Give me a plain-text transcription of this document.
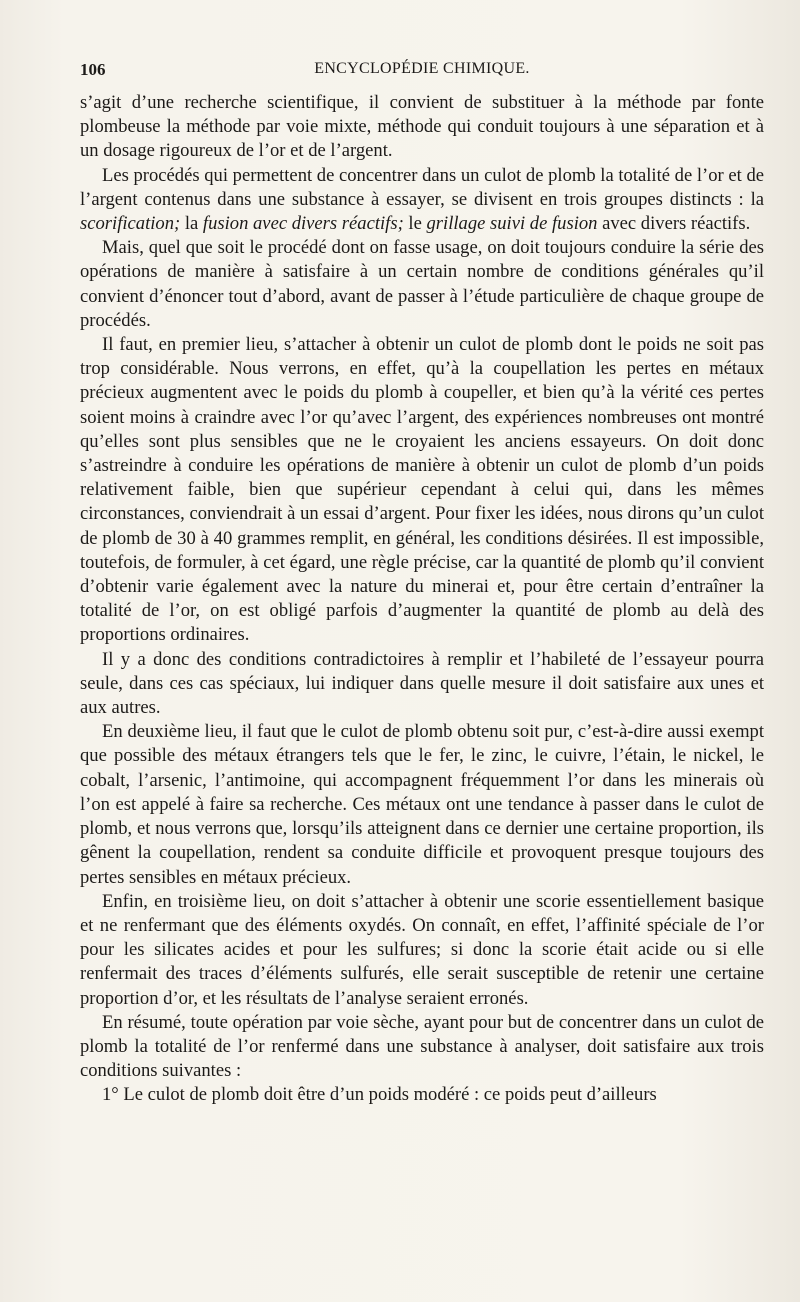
106	ENCYCLOPÉDIE CHIMIQUE.

s’agit d’une recherche scientifique, il convient de substituer à la méthode par fonte plombeuse la méthode par voie mixte, méthode qui conduit toujours à une séparation et à un dosage rigoureux de l’or et de l’argent.

Les procédés qui permettent de concentrer dans un culot de plomb la totalité de l’or et de l’argent contenus dans une substance à essayer, se divisent en trois groupes distincts : la scorification; la fusion avec divers réactifs; le grillage suivi de fusion avec divers réactifs.

Mais, quel que soit le procédé dont on fasse usage, on doit toujours conduire la série des opérations de manière à satisfaire à un certain nombre de conditions générales qu’il convient d’énoncer tout d’abord, avant de passer à l’étude particulière de chaque groupe de procédés.

Il faut, en premier lieu, s’attacher à obtenir un culot de plomb dont le poids ne soit pas trop considérable. Nous verrons, en effet, qu’à la coupellation les pertes en métaux précieux augmentent avec le poids du plomb à coupeller, et bien qu’à la vérité ces pertes soient moins à craindre avec l’or qu’avec l’argent, des expériences nombreuses ont montré qu’elles sont plus sensibles que ne le croyaient les anciens essayeurs. On doit donc s’astreindre à conduire les opérations de manière à obtenir un culot de plomb d’un poids relativement faible, bien que supérieur cependant à celui qui, dans les mêmes circonstances, conviendrait à un essai d’argent. Pour fixer les idées, nous dirons qu’un culot de plomb de 30 à 40 grammes remplit, en général, les conditions désirées. Il est impossible, toutefois, de formuler, à cet égard, une règle précise, car la quantité de plomb qu’il convient d’obtenir varie également avec la nature du minerai et, pour être certain d’entraîner la totalité de l’or, on est obligé parfois d’augmenter la quantité de plomb au delà des proportions ordinaires.

Il y a donc des conditions contradictoires à remplir et l’habileté de l’essayeur pourra seule, dans ces cas spéciaux, lui indiquer dans quelle mesure il doit satisfaire aux unes et aux autres.

En deuxième lieu, il faut que le culot de plomb obtenu soit pur, c’est-à-dire aussi exempt que possible des métaux étrangers tels que le fer, le zinc, le cuivre, l’étain, le nickel, le cobalt, l’arsenic, l’antimoine, qui accompagnent fréquemment l’or dans les minerais où l’on est appelé à faire sa recherche. Ces métaux ont une tendance à passer dans le culot de plomb, et nous verrons que, lorsqu’ils atteignent dans ce dernier une certaine proportion, ils gênent la coupellation, rendent sa conduite difficile et provoquent presque toujours des pertes sensibles en métaux précieux.

Enfin, en troisième lieu, on doit s’attacher à obtenir une scorie essentiellement basique et ne renfermant que des éléments oxydés. On connaît, en effet, l’affinité spéciale de l’or pour les silicates acides et pour les sulfures; si donc la scorie était acide ou si elle renfermait des traces d’éléments sulfurés, elle serait susceptible de retenir une certaine proportion d’or, et les résultats de l’analyse seraient erronés.

En résumé, toute opération par voie sèche, ayant pour but de concentrer dans un culot de plomb la totalité de l’or renfermé dans une substance à analyser, doit satisfaire aux trois conditions suivantes :

1° Le culot de plomb doit être d’un poids modéré : ce poids peut d’ailleurs
